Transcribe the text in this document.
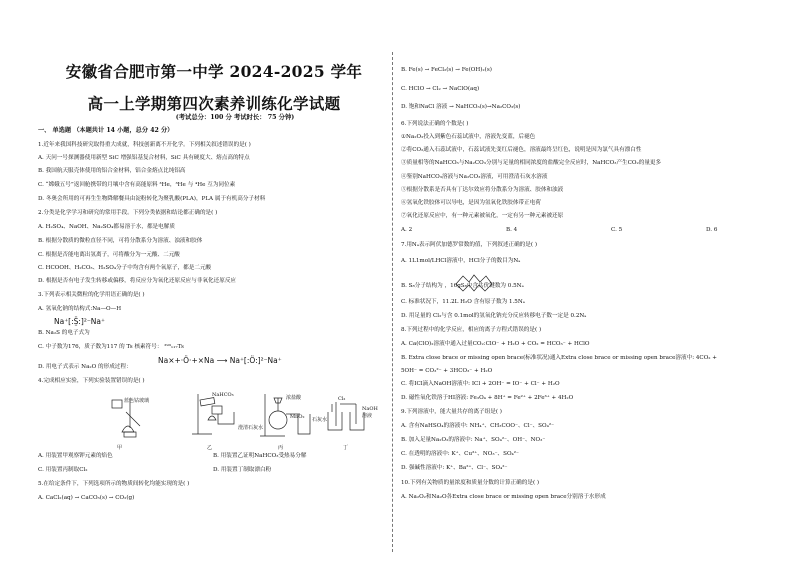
安徽省合肥市第一中学 2024-2025 学年
高一上学期第四次素养训练化学试题
(考试总分：100 分 考试时长： 75 分钟)
一、 单选题 （本题共计 14 小题，总分 42 分）
1.近年来我国科技研究取得重大成就，科技创新离不开化学。下列相关叙述错误的是( )
A. 天问一号探测器使用新型 SiC 增强铝基复合材料，SiC 具有硬度大、熔点高的特点
B. 我国航天服壳体使用的铝合金材料，铝合金熔点比纯铝高
C. “嫦娥五号”返回舱携带的月壤中含有高能原料 ³He，³He 与 ⁴He 互为同位素
D. 冬奥会所用的可再生生物降解餐具由淀粉转化为聚乳酸(PLA)，PLA 属于有机高分子材料
2.分类是化学学习和研究的常用手段。下列分类依据和结论都正确的是( )
A. H₂SO₄、NaOH、Na₂SO₄都易溶于水，都是电解质
B. 根据分散质的微粒直径不同，可将分散系分为溶液、浊液和胶体
C. 根据是否能电离出氢离子，可将酸分为一元酸、二元酸
C. HCOOH、H₂CO₃、H₂SO₄分子中均含有两个氧原子，都是二元酸
D. 根据是否有电子发生转移或偏移，将反应分为氧化还原反应与非氧化还原反应
3.下列表示相关微粒的化学用语正确的是( )
A. 氢氧化钠的结构式:Na—O—H
B. Na₂S 的电子式为
Na⁺[:S̤̈:]²⁻Na⁺
C. 中子数为176，质子数为117 的 Ts 核素符号： ²⁹³₁₁₇Ts
D. 用电子式表示 Na₂O 的形成过程：
Na×+·Ö·+×Na ⟶ Na⁺[:Ö:]²⁻Na⁺
4.完成相应实验，下列实验装置错误的是( )
蓝色钴玻璃
NaHCO₃
澄清石灰水
MnO₂
浓盐酸	Cl₂
石灰水
NaOH溶液
甲	乙	丙	丁
A. 用装置甲观察钾元素的焰色	B. 用装置乙证明NaHCO₃受热易分解
C. 用装置丙制取Cl₂	D. 用装置丁制取漂白粉
5.在给定条件下，下列选项所示的物质间转化均能实现的是( )
A. CaCl₂(aq) → CaCO₃(s) → CO₂(g)
B. Fe(s) → FeCl₂(s) → Fe(OH)₂(s)
C. HClO → Cl₂ → NaClO(aq)
D. 饱和NaCl 溶液 → NaHCO₃(s)→Na₂CO₃(s)
6.下列说法正确的个数是( )
①Na₂O₂投入到紫色石蕊试液中，溶液先变蓝，后褪色
②将CO₂通入石蕊试液中，石蕊试液先变红后褪色，溶液最终呈红色，说明是因为氯气具有漂白性
③质量相等的NaHCO₃与Na₂CO₃分别与足量的相同浓度的盐酸完全反应时，NaHCO₃产生CO₂的量更多
④鉴别NaHCO₃溶液与Na₂CO₃溶液，可用澄清石灰水溶液
⑤根据分散系是否具有丁达尔效应将分散系分为溶液、胶体和浊液
⑥氢氧化铁胶体可以导电，是因为氢氧化铁胶体带正电荷
⑦氧化还原反应中，有一种元素被氧化，一定有另一种元素被还原
A. 2	B. 4	C. 5	D. 6
7.用Nₐ表示阿伏加德罗常数的值，下列叙述正确的是( )
A. 1L1mol/LHCl溶液中，HCl分子的数目为Nₐ
B. S₈分子结构为 ，16gS₈中含共价键数为 0.5Nₐ
C. 标准状况下，11.2L H₂O 含有原子数为 1.5Nₐ
D. 用足量的 Cl₂与含 0.1mol的氢氧化钠充分反应转移电子数一定是 0.2Nₐ
8.下列过程中的化学反应，相应的离子方程式错误的是( )
A. Ca(ClO)₂溶液中通入过量CO₂:ClO⁻ + H₂O + CO₂ = HCO₃⁻ + HClO
B. Extra close brace or missing open brace(标准状况)通入Extra close brace or missing open brace溶液中: 4CO₂ +
5OH⁻ = CO₃²⁻ + 3HCO₃⁻ + H₂O
C. 将ICl滴入NaOH溶液中: ICl + 2OH⁻ = IO⁻ + Cl⁻ + H₂O
D. 磁性氧化铁溶于HI溶液: Fe₃O₄ + 8H⁺ = Fe²⁺ + 2Fe³⁺ + 4H₂O
9.下列溶液中，能大量共存的离子组是( )
A. 含有NaHSO₄的溶液中: NH₄⁺、CH₃COO⁻、Cl⁻、SO₄²⁻
B. 加入足量Na₂O₂的溶液中: Na⁺、SO₄²⁻、OH⁻、NO₃⁻
C. 在透明的溶液中: K⁺、Cu²⁺、NO₃⁻、SO₄²⁻
D. 强碱性溶液中: K⁺、Ba²⁺、Cl⁻、SO₄²⁻
10.下列有关物质的量浓度和质量分数的计算正确的是( )
A. Na₂O₂和Na₂O各Extra close brace or missing open brace分别溶于水形成
